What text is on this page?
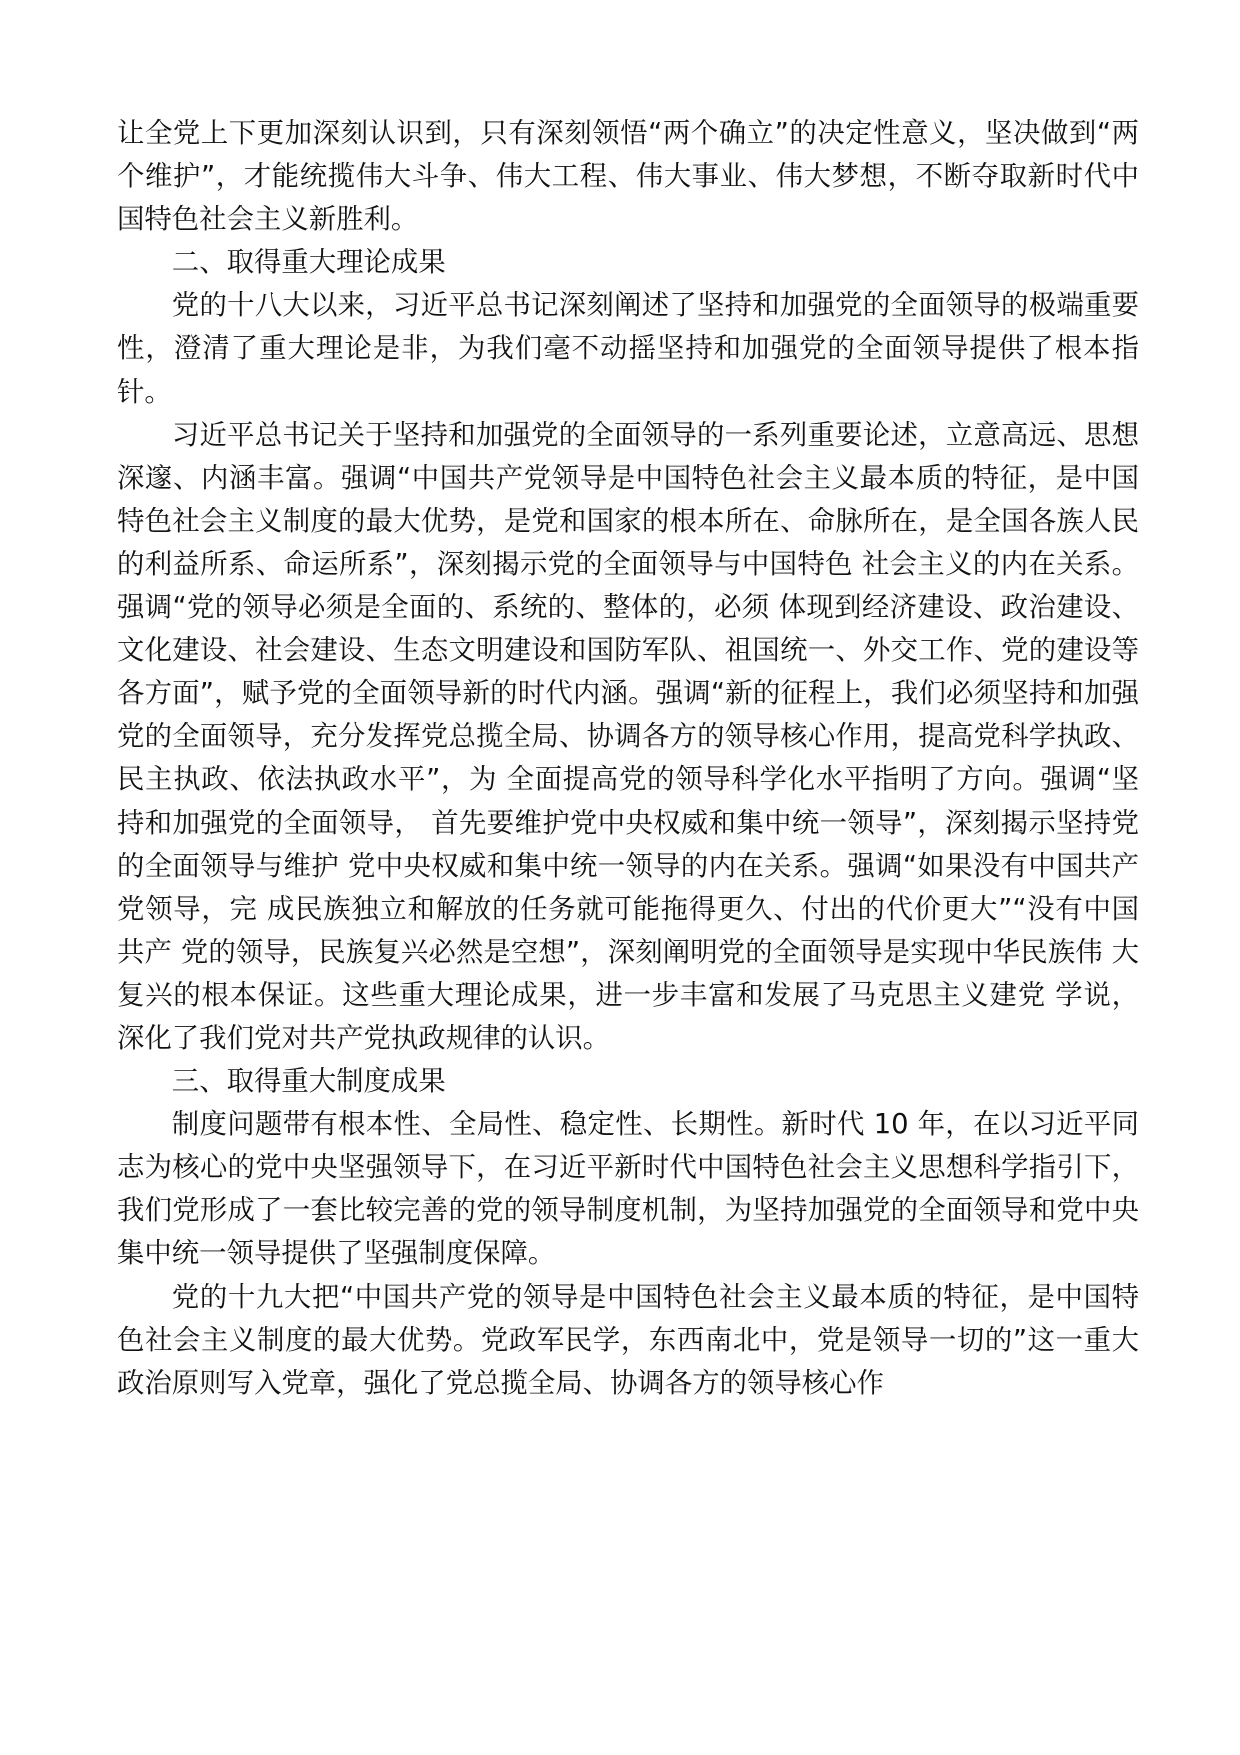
让全党上下更加深刻认识到，只有深刻领悟“两个确立”的决定性意义，坚决做到“两个维护”，才能统揽伟大斗争、伟大工程、伟大事业、伟大梦想，不断夺取新时代中国特色社会主义新胜利。

二、取得重大理论成果

党的十八大以来，习近平总书记深刻阐述了坚持和加强党的全面领导的极端重要性，澄清了重大理论是非，为我们毫不动摇坚持和加强党的全面领导提供了根本指针。

习近平总书记关于坚持和加强党的全面领导的一系列重要论述，立意高远、思想深邃、内涵丰富。强调“中国共产党领导是中国特色社会主义最本质的特征，是中国特色社会主义制度的最大优势，是党和国家的根本所在、命脉所在，是全国各族人民的利益所系、命运所系”，深刻揭示党的全面领导与中国特色 社会主义的内在关系。强调“党的领导必须是全面的、系统的、整体的，必须 体现到经济建设、政治建设、文化建设、社会建设、生态文明建设和国防军队、祖国统一、外交工作、党的建设等各方面”，赋予党的全面领导新的时代内涵。强调“新的征程上，我们必须坚持和加强党的全面领导，充分发挥党总揽全局、协调各方的领导核心作用，提高党科学执政、民主执政、依法执政水平”，为 全面提高党的领导科学化水平指明了方向。强调“坚持和加强党的全面领导， 首先要维护党中央权威和集中统一领导”，深刻揭示坚持党的全面领导与维护 党中央权威和集中统一领导的内在关系。强调“如果没有中国共产党领导，完 成民族独立和解放的任务就可能拖得更久、付出的代价更大”“没有中国共产 党的领导，民族复兴必然是空想”，深刻阐明党的全面领导是实现中华民族伟 大复兴的根本保证。这些重大理论成果，进一步丰富和发展了马克思主义建党 学说，深化了我们党对共产党执政规律的认识。

三、取得重大制度成果

制度问题带有根本性、全局性、稳定性、长期性。新时代 10 年，在以习近平同志为核心的党中央坚强领导下，在习近平新时代中国特色社会主义思想科学指引下，我们党形成了一套比较完善的党的领导制度机制，为坚持加强党的全面领导和党中央集中统一领导提供了坚强制度保障。

党的十九大把“中国共产党的领导是中国特色社会主义最本质的特征，是中国特色社会主义制度的最大优势。党政军民学，东西南北中，党是领导一切的”这一重大政治原则写入党章，强化了党总揽全局、协调各方的领导核心作
